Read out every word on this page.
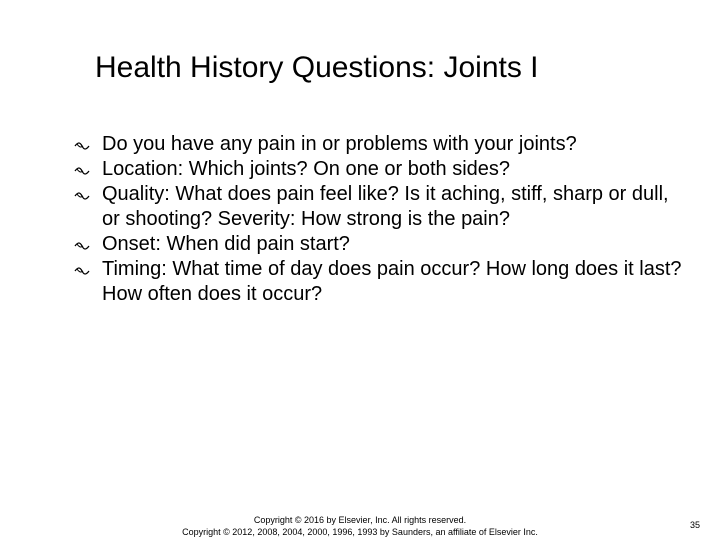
Health History Questions: Joints I
Do you have any pain in or problems with your joints?
Location: Which joints? On one or both sides?
Quality: What does pain feel like? Is it aching, stiff, sharp or dull, or shooting? Severity: How strong is the pain?
Onset: When did pain start?
Timing: What time of day does pain occur? How long does it last? How often does it occur?
Copyright © 2016 by Elsevier, Inc. All rights reserved.
Copyright © 2012, 2008, 2004, 2000, 1996, 1993 by Saunders, an affiliate of Elsevier Inc.
35
